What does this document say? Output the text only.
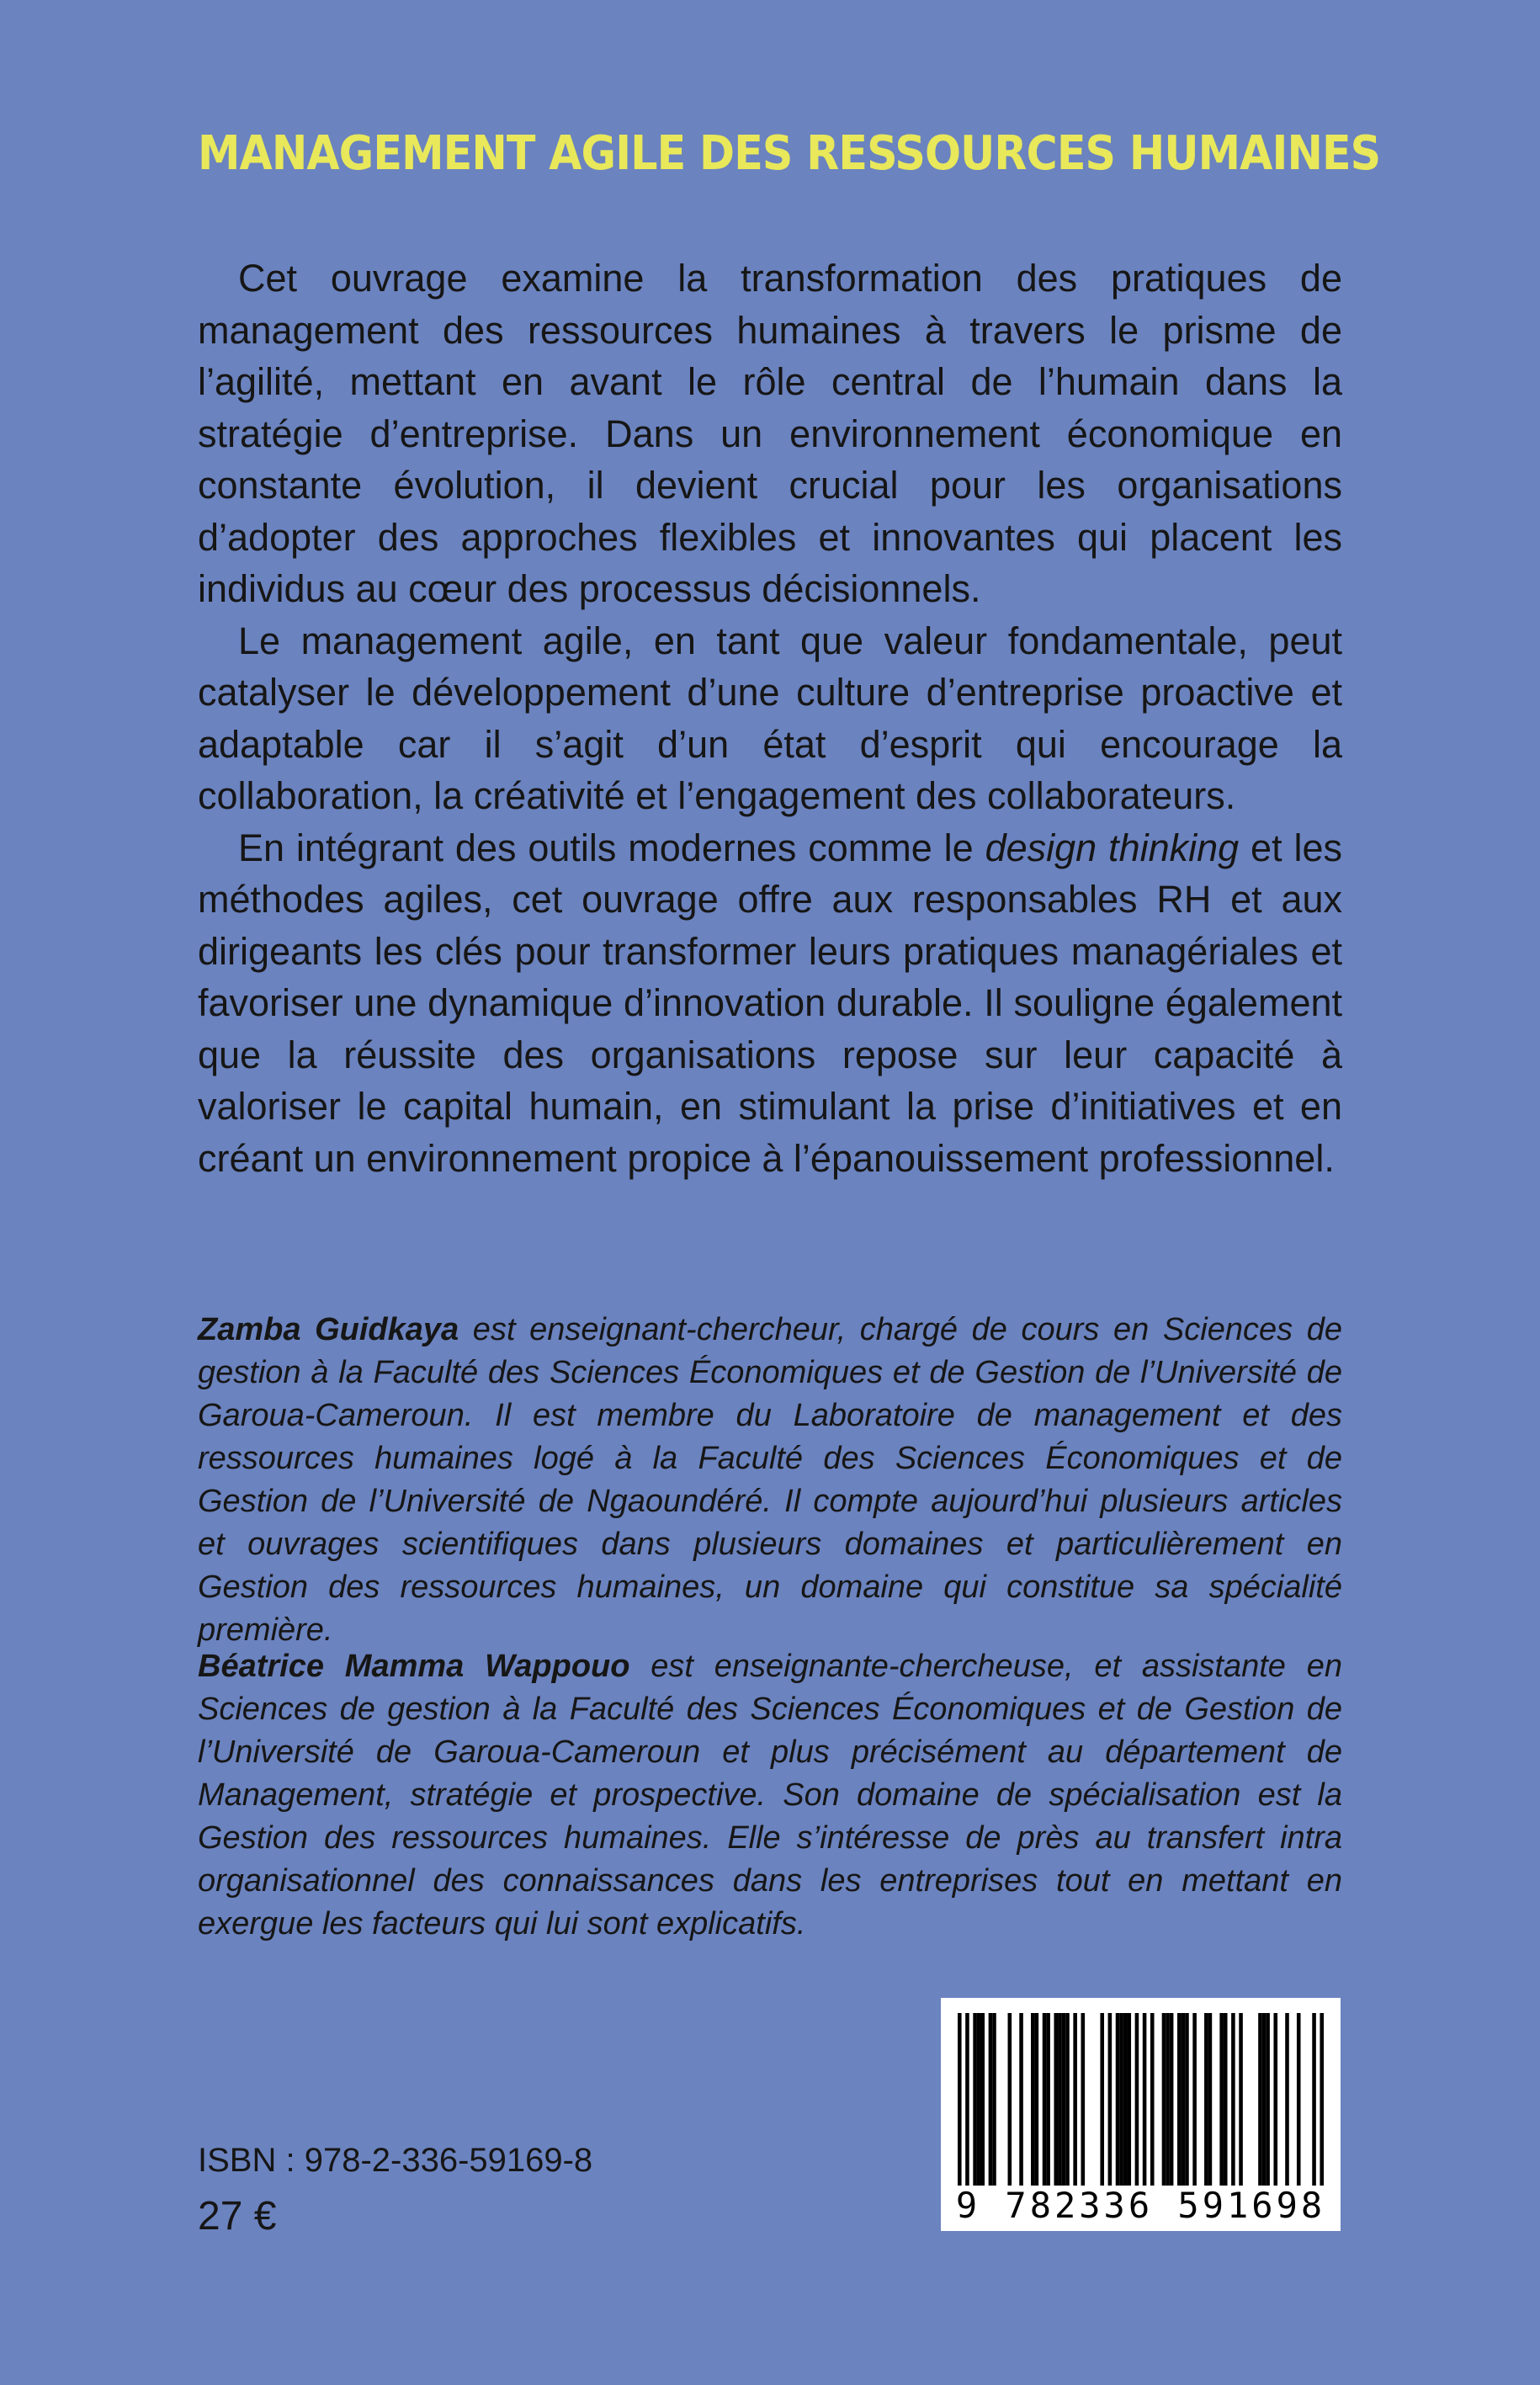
MANAGEMENT AGILE DES RESSOURCES HUMAINES

Cet ouvrage examine la transformation des pratiques de management des ressources humaines à travers le prisme de l’agilité, mettant en avant le rôle central de l’humain dans la stratégie d’entreprise. Dans un environnement économique en constante évolution, il devient crucial pour les organisations d’adopter des approches flexibles et innovantes qui placent les individus au cœur des processus décisionnels.

Le management agile, en tant que valeur fondamentale, peut catalyser le développement d’une culture d’entreprise proactive et adaptable car il s’agit d’un état d’esprit qui encourage la collaboration, la créativité et l’engagement des collaborateurs.

En intégrant des outils modernes comme le design thinking et les méthodes agiles, cet ouvrage offre aux responsables RH et aux dirigeants les clés pour transformer leurs pratiques managériales et favoriser une dynamique d’innovation durable. Il souligne également que la réussite des organisations repose sur leur capacité à valoriser le capital humain, en stimulant la prise d’initiatives et en créant un environnement propice à l’épanouissement professionnel.

Zamba Guidkaya est enseignant-chercheur, chargé de cours en Sciences de gestion à la Faculté des Sciences Économiques et de Gestion de l’Université de Garoua-Cameroun. Il est membre du Laboratoire de management et des ressources humaines logé à la Faculté des Sciences Économiques et de Gestion de l’Université de Ngaoundéré. Il compte aujourd’hui plusieurs articles et ouvrages scientifiques dans plusieurs domaines et particulièrement en Gestion des ressources humaines, un domaine qui constitue sa spécialité première.

Béatrice Mamma Wappouo est enseignante-chercheuse, et assistante en Sciences de gestion à la Faculté des Sciences Économiques et de Gestion de l’Université de Garoua-Cameroun et plus précisément au département de Management, stratégie et prospective. Son domaine de spécialisation est la Gestion des ressources humaines. Elle s’intéresse de près au transfert intra organisationnel des connaissances dans les entreprises tout en mettant en exergue les facteurs qui lui sont explicatifs.

ISBN : 978-2-336-59169-8
27 €	9 782336 591698
